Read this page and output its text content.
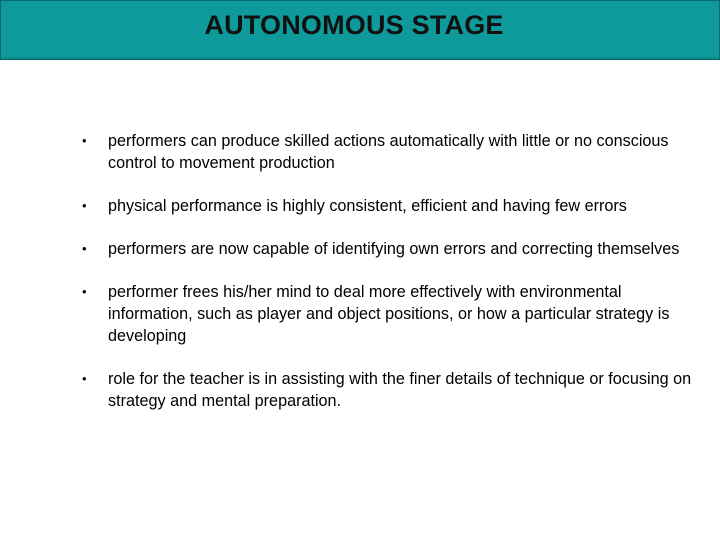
AUTONOMOUS STAGE
• performers can produce skilled actions automatically with little or no conscious control to movement production
• physical performance is highly consistent, efficient and having few errors
• performers are now capable of identifying own errors and correcting themselves
• performer frees his/her mind to deal more effectively with environmental information, such as player and object positions, or how a particular strategy is developing
• role for the teacher is in assisting with the finer details of technique or focusing on strategy and mental preparation.
